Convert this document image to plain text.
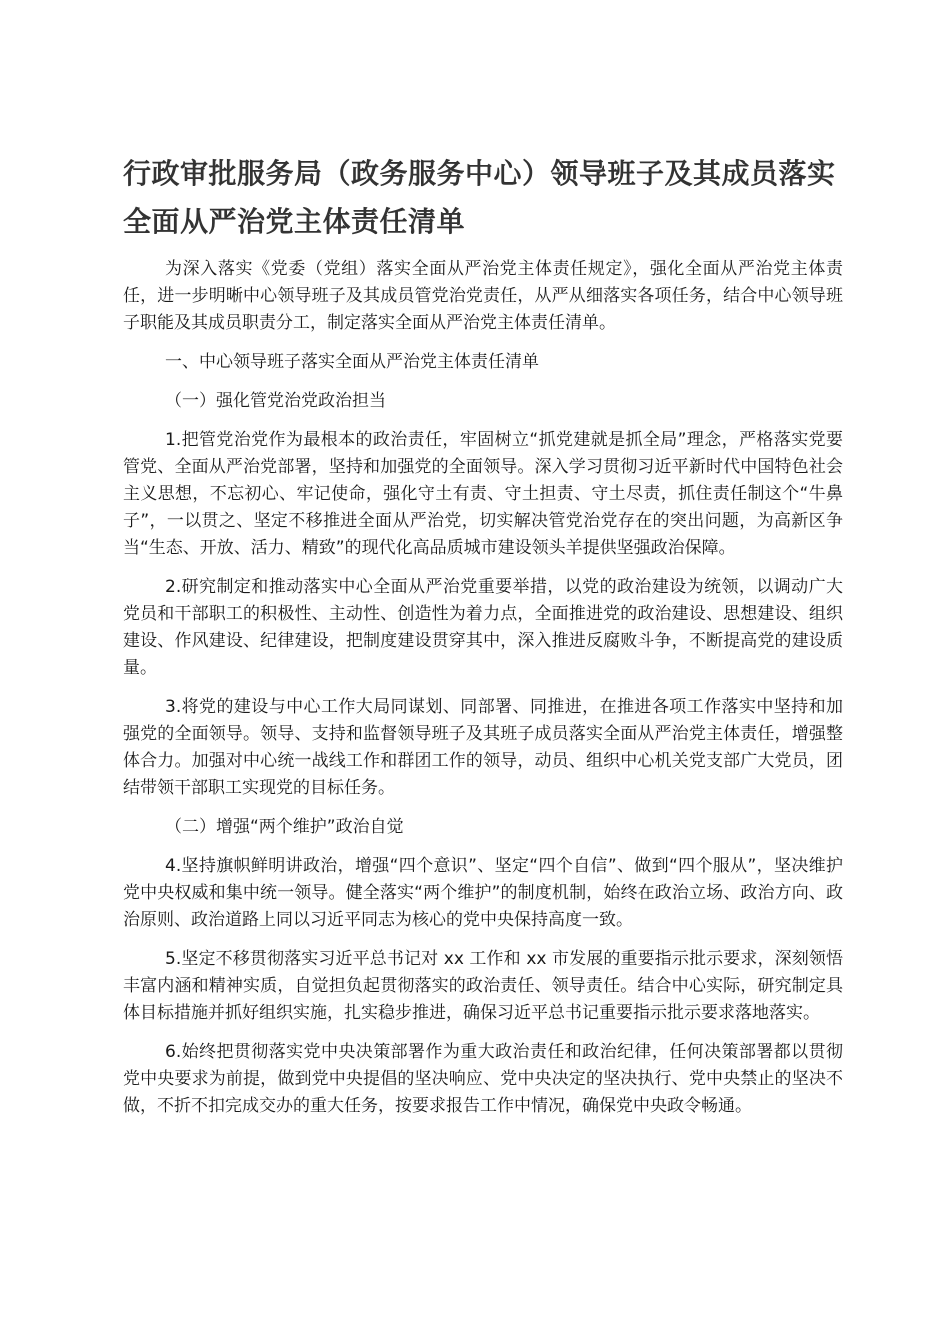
行政审批服务局（政务服务中心）领导班子及其成员落实全面从严治党主体责任清单

为深入落实《党委（党组）落实全面从严治党主体责任规定》，强化全面从严治党主体责任，进一步明晰中心领导班子及其成员管党治党责任，从严从细落实各项任务，结合中心领导班子职能及其成员职责分工，制定落实全面从严治党主体责任清单。

一、中心领导班子落实全面从严治党主体责任清单

（一）强化管党治党政治担当

1.把管党治党作为最根本的政治责任，牢固树立“抓党建就是抓全局”理念，严格落实党要管党、全面从严治党部署，坚持和加强党的全面领导。深入学习贯彻习近平新时代中国特色社会主义思想，不忘初心、牢记使命，强化守土有责、守土担责、守土尽责，抓住责任制这个“牛鼻子”，一以贯之、坚定不移推进全面从严治党，切实解决管党治党存在的突出问题，为高新区争当“生态、开放、活力、精致”的现代化高品质城市建设领头羊提供坚强政治保障。

2.研究制定和推动落实中心全面从严治党重要举措，以党的政治建设为统领，以调动广大党员和干部职工的积极性、主动性、创造性为着力点，全面推进党的政治建设、思想建设、组织建设、作风建设、纪律建设，把制度建设贯穿其中，深入推进反腐败斗争，不断提高党的建设质量。

3.将党的建设与中心工作大局同谋划、同部署、同推进，在推进各项工作落实中坚持和加强党的全面领导。领导、支持和监督领导班子及其班子成员落实全面从严治党主体责任，增强整体合力。加强对中心统一战线工作和群团工作的领导，动员、组织中心机关党支部广大党员，团结带领干部职工实现党的目标任务。

（二）增强“两个维护”政治自觉

4.坚持旗帜鲜明讲政治，增强“四个意识”、坚定“四个自信”、做到“四个服从”，坚决维护党中央权威和集中统一领导。健全落实“两个维护”的制度机制，始终在政治立场、政治方向、政治原则、政治道路上同以习近平同志为核心的党中央保持高度一致。

5.坚定不移贯彻落实习近平总书记对 xx 工作和 xx 市发展的重要指示批示要求，深刻领悟丰富内涵和精神实质，自觉担负起贯彻落实的政治责任、领导责任。结合中心实际，研究制定具体目标措施并抓好组织实施，扎实稳步推进，确保习近平总书记重要指示批示要求落地落实。

6.始终把贯彻落实党中央决策部署作为重大政治责任和政治纪律，任何决策部署都以贯彻党中央要求为前提，做到党中央提倡的坚决响应、党中央决定的坚决执行、党中央禁止的坚决不做，不折不扣完成交办的重大任务，按要求报告工作中情况，确保党中央政令畅通。
